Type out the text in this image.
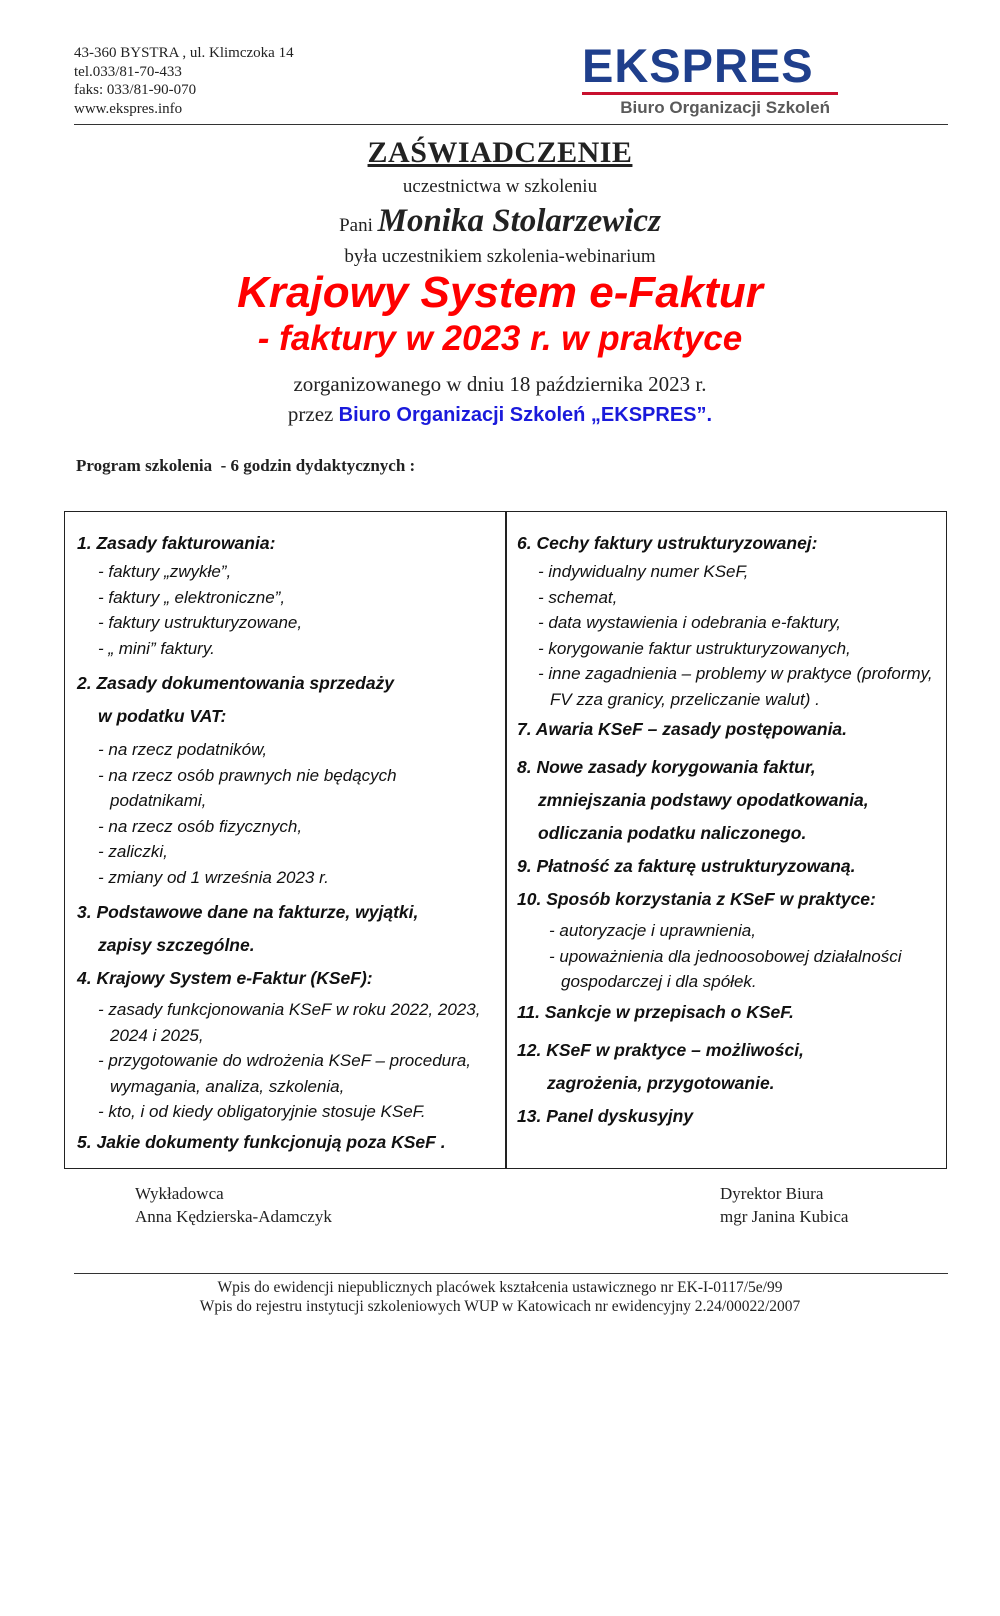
43-360 BYSTRA , ul. Klimczoka 14
tel.033/81-70-433
faks: 033/81-90-070
www.ekspres.info
EKSPRES
Biuro Organizacji Szkoleń
ZAŚWIADCZENIE
uczestnictwa w szkoleniu
Pani Monika Stolarzewicz
była uczestnikiem szkolenia-webinarium
Krajowy System e-Faktur
- faktury w 2023 r. w praktyce
zorganizowanego w dniu 18 października 2023 r.
przez Biuro Organizacji Szkoleń „EKSPRES”.
Program szkolenia  - 6 godzin dydaktycznych :
1. Zasady fakturowania:
- faktury „zwykłe”,
- faktury „ elektroniczne”,
- faktury ustrukturyzowane,
- „ mini” faktury.
2. Zasady dokumentowania sprzedaży
w podatku VAT:
- na rzecz podatników,
- na rzecz osób prawnych nie będących podatnikami,
- na rzecz osób fizycznych,
- zaliczki,
- zmiany od 1 września 2023 r.
3. Podstawowe dane na fakturze, wyjątki,
zapisy szczególne.
4. Krajowy System e-Faktur (KSeF):
- zasady funkcjonowania KSeF w roku 2022, 2023, 2024 i 2025,
- przygotowanie do wdrożenia KSeF – procedura, wymagania, analiza, szkolenia,
- kto, i od kiedy obligatoryjnie stosuje KSeF.
5. Jakie dokumenty funkcjonują poza KSeF .
6. Cechy faktury ustrukturyzowanej:
- indywidualny numer KSeF,
- schemat,
- data wystawienia i odebrania e-faktury,
- korygowanie faktur ustrukturyzowanych,
- inne zagadnienia – problemy w praktyce (proformy, FV zza granicy, przeliczanie walut) .
7. Awaria KSeF – zasady postępowania.
8. Nowe zasady korygowania faktur,
zmniejszania podstawy opodatkowania,
odliczania podatku naliczonego.
9. Płatność za fakturę ustrukturyzowaną.
10. Sposób korzystania z KSeF w praktyce:
- autoryzacje i uprawnienia,
- upoważnienia dla jednoosobowej działalności gospodarczej i dla spółek.
11. Sankcje w przepisach o KSeF.
12. KSeF w praktyce – możliwości,
zagrożenia, przygotowanie.
13. Panel dyskusyjny
Wykładowca
Anna Kędzierska-Adamczyk
Dyrektor Biura
mgr Janina Kubica
Wpis do ewidencji niepublicznych placówek kształcenia ustawicznego nr EK-I-0117/5e/99
Wpis do rejestru instytucji szkoleniowych WUP w Katowicach nr ewidencyjny 2.24/00022/2007
